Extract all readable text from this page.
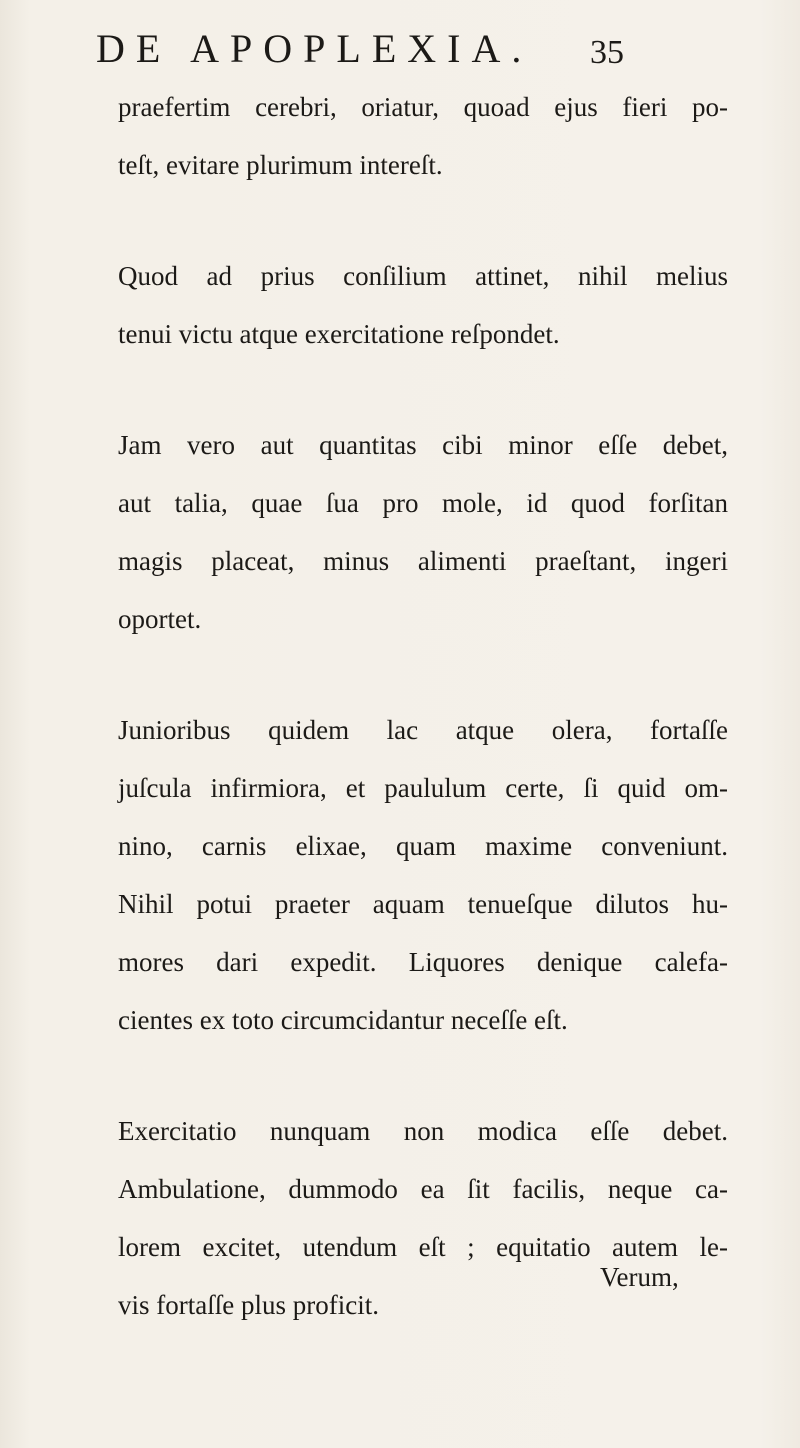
DE APOPLEXIA. 35

praefertim cerebri, oriatur, quoad ejus fieri po-
teſt, evitare plurimum intereſt.

Quod ad prius conſilium attinet, nihil melius
tenui victu atque exercitatione reſpondet.

Jam vero aut quantitas cibi minor eſſe debet,
aut talia, quae ſua pro mole, id quod forſitan
magis placeat, minus alimenti praeſtant, ingeri
oportet.

Junioribus quidem lac atque olera, fortaſſe
juſcula infirmiora, et paululum certe, ſi quid om-
nino, carnis elixae, quam maxime conveniunt.
Nihil potui praeter aquam tenueſque dilutos hu-
mores dari expedit. Liquores denique calefa-
cientes ex toto circumcidantur neceſſe eſt.

Exercitatio nunquam non modica eſſe debet.
Ambulatione, dummodo ea ſit facilis, neque ca-
lorem excitet, utendum eſt ; equitatio autem le-
vis fortaſſe plus proficit.

Verum,
